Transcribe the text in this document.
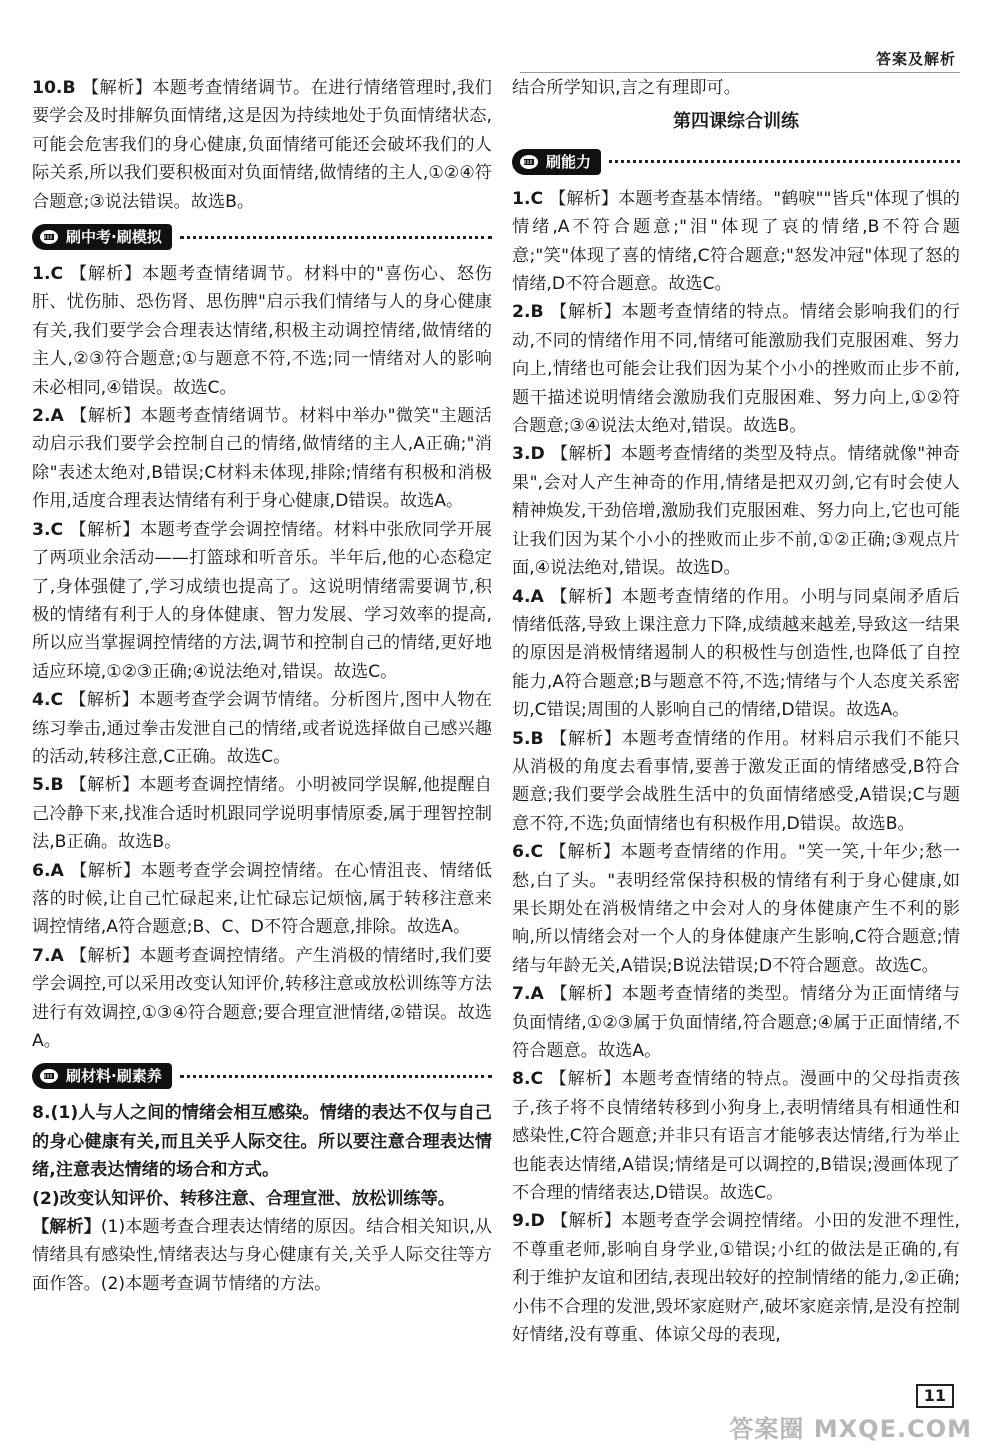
答案及解析
10.B 【解析】本题考查情绪调节。在进行情绪管理时,我们要学会及时排解负面情绪,这是因为持续地处于负面情绪状态,可能会危害我们的身心健康,负面情绪可能还会破坏我们的人际关系,所以我们要积极面对负面情绪,做情绪的主人,①②④符合题意;③说法错误。故选B。
刷中考·刷模拟
1.C 【解析】本题考查情绪调节。材料中的"喜伤心、怒伤肝、忧伤肺、恐伤肾、思伤脾"启示我们情绪与人的身心健康有关,我们要学会合理表达情绪,积极主动调控情绪,做情绪的主人,②③符合题意;①与题意不符,不选;同一情绪对人的影响未必相同,④错误。故选C。
2.A 【解析】本题考查情绪调节。材料中举办"微笑"主题活动启示我们要学会控制自己的情绪,做情绪的主人,A正确;"消除"表述太绝对,B错误;C材料未体现,排除;情绪有积极和消极作用,适度合理表达情绪有利于身心健康,D错误。故选A。
3.C 【解析】本题考查学会调控情绪。材料中张欣同学开展了两项业余活动——打篮球和听音乐。半年后,他的心态稳定了,身体强健了,学习成绩也提高了。这说明情绪需要调节,积极的情绪有利于人的身体健康、智力发展、学习效率的提高,所以应当掌握调控情绪的方法,调节和控制自己的情绪,更好地适应环境,①②③正确;④说法绝对,错误。故选C。
4.C 【解析】本题考查学会调节情绪。分析图片,图中人物在练习拳击,通过拳击发泄自己的情绪,或者说选择做自己感兴趣的活动,转移注意,C正确。故选C。
5.B 【解析】本题考查调控情绪。小明被同学误解,他提醒自己冷静下来,找准合适时机跟同学说明事情原委,属于理智控制法,B正确。故选B。
6.A 【解析】本题考查学会调控情绪。在心情沮丧、情绪低落的时候,让自己忙碌起来,让忙碌忘记烦恼,属于转移注意来调控情绪,A符合题意;B、C、D不符合题意,排除。故选A。
7.A 【解析】本题考查调控情绪。产生消极的情绪时,我们要学会调控,可以采用改变认知评价,转移注意或放松训练等方法进行有效调控,①③④符合题意;要合理宣泄情绪,②错误。故选A。
刷材料·刷素养
8.(1)人与人之间的情绪会相互感染。情绪的表达不仅与自己的身心健康有关,而且关乎人际交往。所以要注意合理表达情绪,注意表达情绪的场合和方式。
(2)改变认知评价、转移注意、合理宣泄、放松训练等。
【解析】(1)本题考查合理表达情绪的原因。结合相关知识,从情绪具有感染性,情绪表达与身心健康有关,关乎人际交往等方面作答。(2)本题考查调节情绪的方法。
结合所学知识,言之有理即可。
第四课综合训练
刷能力
1.C 【解析】本题考查基本情绪。"鹤唳""皆兵"体现了惧的情绪,A不符合题意;"泪"体现了哀的情绪,B不符合题意;"笑"体现了喜的情绪,C符合题意;"怒发冲冠"体现了怒的情绪,D不符合题意。故选C。
2.B 【解析】本题考查情绪的特点。情绪会影响我们的行动,不同的情绪作用不同,情绪可能激励我们克服困难、努力向上,情绪也可能会让我们因为某个小小的挫败而止步不前,题干描述说明情绪会激励我们克服困难、努力向上,①②符合题意;③④说法太绝对,错误。故选B。
3.D 【解析】本题考查情绪的类型及特点。情绪就像"神奇果",会对人产生神奇的作用,情绪是把双刃剑,它有时会使人精神焕发,干劲倍增,激励我们克服困难、努力向上,它也可能让我们因为某个小小的挫败而止步不前,①②正确;③观点片面,④说法绝对,错误。故选D。
4.A 【解析】本题考查情绪的作用。小明与同桌闹矛盾后情绪低落,导致上课注意力下降,成绩越来越差,导致这一结果的原因是消极情绪遏制人的积极性与创造性,也降低了自控能力,A符合题意;B与题意不符,不选;情绪与个人态度关系密切,C错误;周围的人影响自己的情绪,D错误。故选A。
5.B 【解析】本题考查情绪的作用。材料启示我们不能只从消极的角度去看事情,要善于激发正面的情绪感受,B符合题意;我们要学会战胜生活中的负面情绪感受,A错误;C与题意不符,不选;负面情绪也有积极作用,D错误。故选B。
6.C 【解析】本题考查情绪的作用。"笑一笑,十年少;愁一愁,白了头。"表明经常保持积极的情绪有利于身心健康,如果长期处在消极情绪之中会对人的身体健康产生不利的影响,所以情绪会对一个人的身体健康产生影响,C符合题意;情绪与年龄无关,A错误;B说法错误;D不符合题意。故选C。
7.A 【解析】本题考查情绪的类型。情绪分为正面情绪与负面情绪,①②③属于负面情绪,符合题意;④属于正面情绪,不符合题意。故选A。
8.C 【解析】本题考查情绪的特点。漫画中的父母指责孩子,孩子将不良情绪转移到小狗身上,表明情绪具有相通性和感染性,C符合题意;并非只有语言才能够表达情绪,行为举止也能表达情绪,A错误;情绪是可以调控的,B错误;漫画体现了不合理的情绪表达,D错误。故选C。
9.D 【解析】本题考查学会调控情绪。小田的发泄不理性,不尊重老师,影响自身学业,①错误;小红的做法是正确的,有利于维护友谊和团结,表现出较好的控制情绪的能力,②正确;小伟不合理的发泄,毁坏家庭财产,破坏家庭亲情,是没有控制好情绪,没有尊重、体谅父母的表现,
11
答案圈 MXQE.COM
